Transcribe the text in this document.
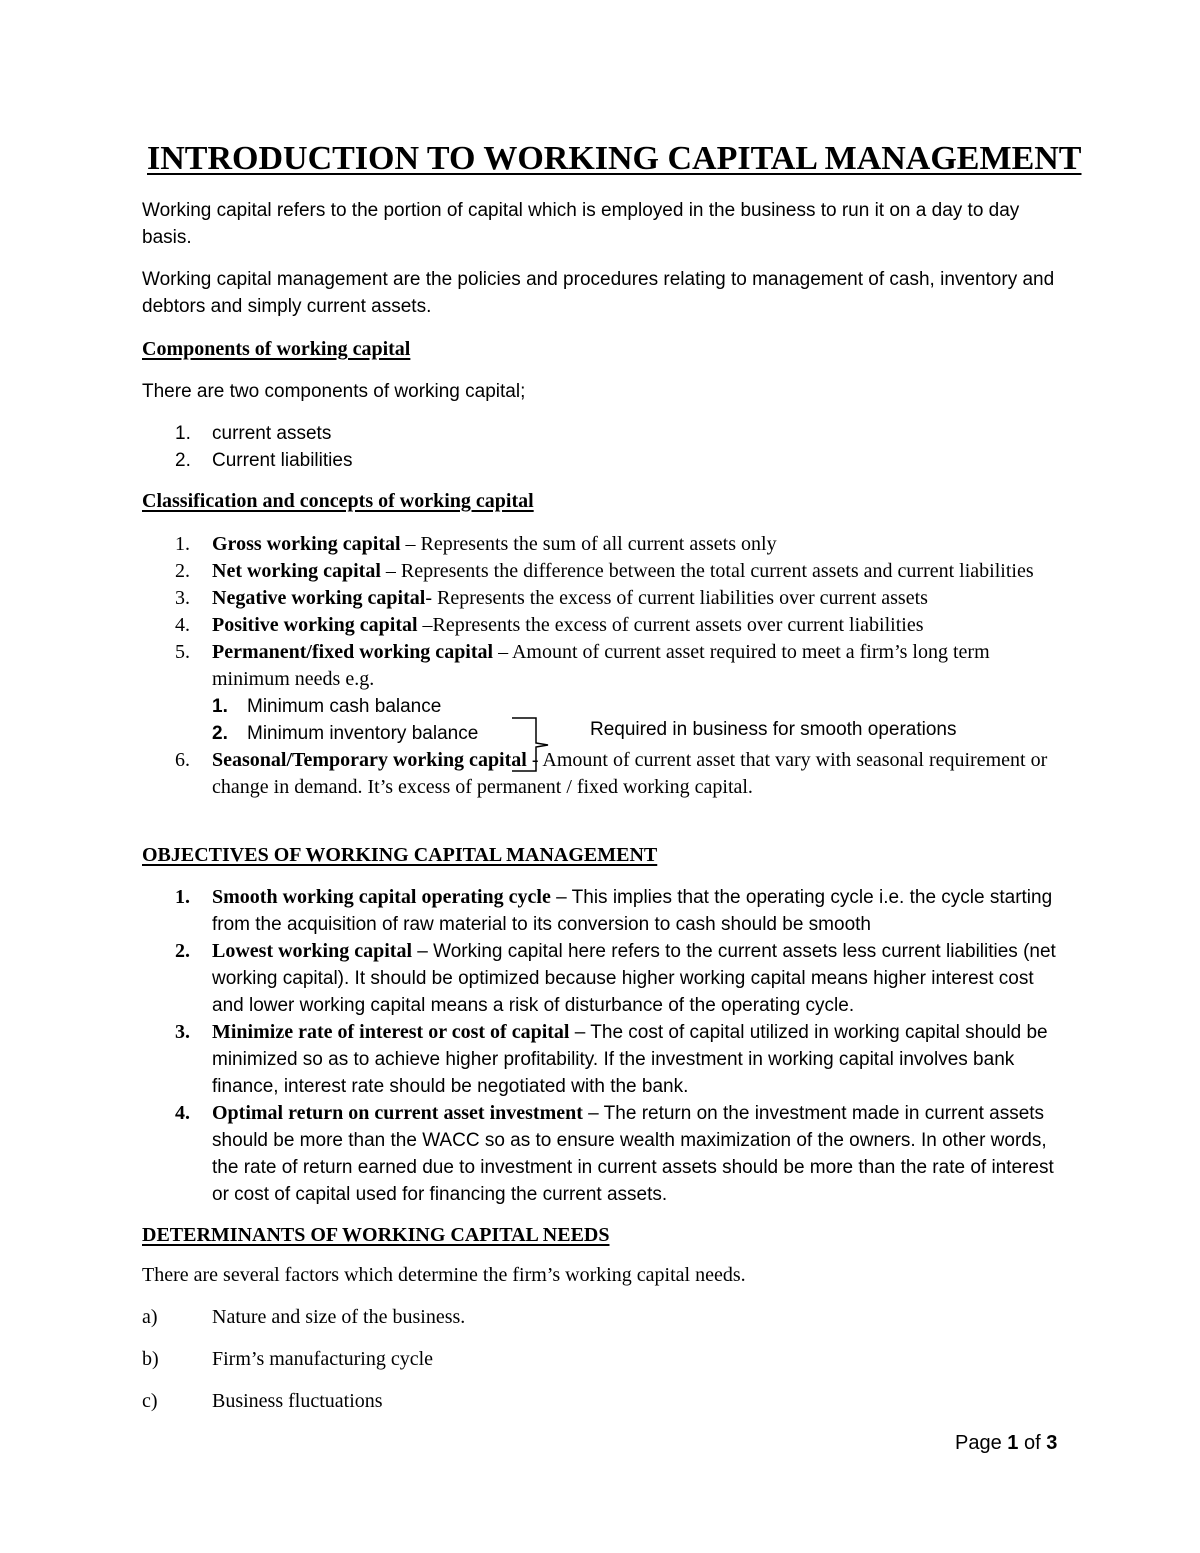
INTRODUCTION TO WORKING CAPITAL MANAGEMENT
Working capital refers to the portion of capital which is employed in the business to run it on a day to day basis.
Working capital management are the policies and procedures relating to management of cash, inventory and debtors and simply current assets.
Components of working capital
There are two components of working capital;
1.	current assets
2.	Current liabilities
Classification and concepts of working capital
1.	Gross working capital – Represents the sum of all current assets only
2.	Net working capital – Represents the difference between the total current assets and current liabilities
3.	Negative working capital- Represents the excess of current liabilities over current assets
4.	Positive working capital –Represents the excess of current assets over current liabilities
5.	Permanent/fixed working capital – Amount of current asset required to meet a firm’s long term minimum needs e.g.
1. Minimum cash balance
2. Minimum inventory balance
6.	Seasonal/Temporary working capital - Amount of current asset that vary with seasonal requirement or change in demand. It’s excess of permanent / fixed working capital.
Required in business for smooth operations
OBJECTIVES OF WORKING CAPITAL MANAGEMENT
1.	Smooth working capital operating cycle – This implies that the operating cycle i.e. the cycle starting from the acquisition of raw material to its conversion to cash should be smooth
2.	Lowest working capital – Working capital here refers to the current assets less current liabilities (net working capital). It should be optimized because higher working capital means higher interest cost and lower working capital means a risk of disturbance of the operating cycle.
3.	Minimize rate of interest or cost of capital – The cost of capital utilized in working capital should be minimized so as to achieve higher profitability. If the investment in working capital involves bank finance, interest rate should be negotiated with the bank.
4.	Optimal return on current asset investment – The return on the investment made in current assets should be more than the WACC so as to ensure wealth maximization of the owners. In other words, the rate of return earned due to investment in current assets should be more than the rate of interest or cost of capital used for financing the current assets.
DETERMINANTS OF WORKING CAPITAL NEEDS
There are several factors which determine the firm’s working capital needs.
a)	Nature and size of the business.
b)	Firm’s manufacturing cycle
c)	Business fluctuations
Page 1 of 3
